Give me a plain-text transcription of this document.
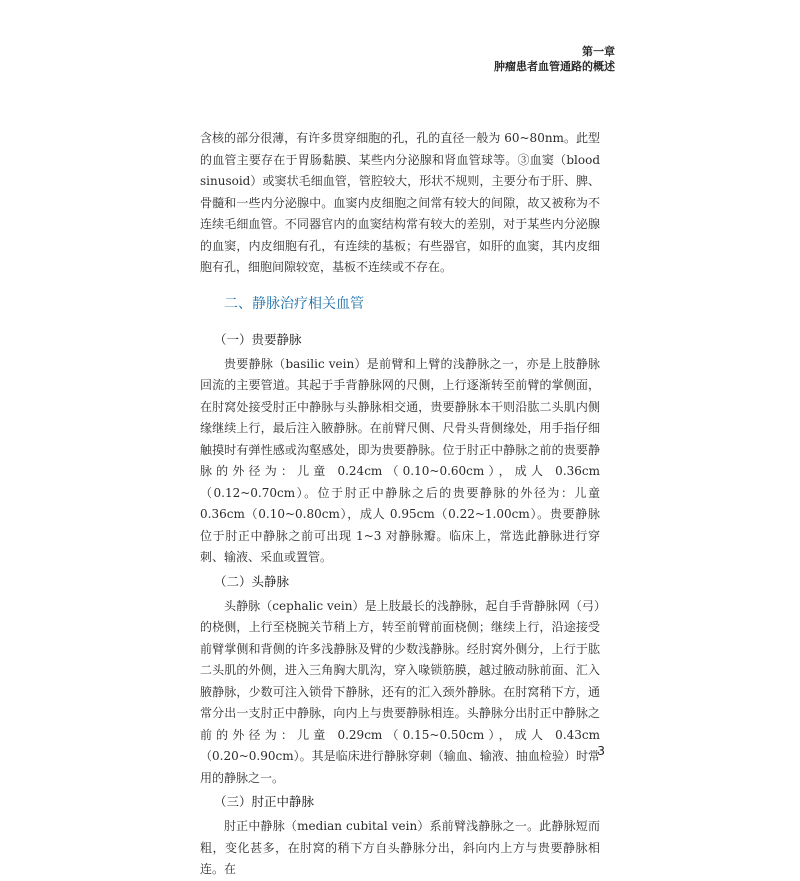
第一章
肿瘤患者血管通路的概述

含核的部分很薄，有许多贯穿细胞的孔，孔的直径一般为 60~80nm。此型的血管主要存在于胃肠黏膜、某些内分泌腺和肾血管球等。③血窦（blood sinusoid）或窦状毛细血管，管腔较大，形状不规则，主要分布于肝、脾、骨髓和一些内分泌腺中。血窦内皮细胞之间常有较大的间隙，故又被称为不连续毛细血管。不同器官内的血窦结构常有较大的差别，对于某些内分泌腺的血窦，内皮细胞有孔，有连续的基板；有些器官，如肝的血窦，其内皮细胞有孔，细胞间隙较宽，基板不连续或不存在。

二、静脉治疗相关血管
（一）贵要静脉

贵要静脉（basilic vein）是前臂和上臂的浅静脉之一，亦是上肢静脉回流的主要管道。其起于手背静脉网的尺侧，上行逐渐转至前臂的掌侧面，在肘窝处接受肘正中静脉与头静脉相交通，贵要静脉本干则沿肱二头肌内侧缘继续上行，最后注入腋静脉。在前臂尺侧、尺骨头背侧缘处，用手指仔细触摸时有弹性感或沟壑感处，即为贵要静脉。位于肘正中静脉之前的贵要静脉的外径为：儿童 0.24cm（0.10~0.60cm），成人 0.36cm（0.12~0.70cm）。位于肘正中静脉之后的贵要静脉的外径为：儿童 0.36cm（0.10~0.80cm），成人 0.95cm（0.22~1.00cm）。贵要静脉位于肘正中静脉之前可出现 1~3 对静脉瓣。临床上，常选此静脉进行穿刺、输液、采血或置管。

（二）头静脉

头静脉（cephalic vein）是上肢最长的浅静脉，起自手背静脉网（弓）的桡侧，上行至桡腕关节稍上方，转至前臂前面桡侧；继续上行，沿途接受前臂掌侧和背侧的许多浅静脉及臂的少数浅静脉。经肘窝外侧分，上行于肱二头肌的外侧，进入三角胸大肌沟，穿入喙锁筋膜，越过腋动脉前面、汇入腋静脉，少数可注入锁骨下静脉，还有的汇入颈外静脉。在肘窝稍下方，通常分出一支肘正中静脉，向内上与贵要静脉相连。头静脉分出肘正中静脉之前的外径为：儿童 0.29cm（0.15~0.50cm），成人 0.43cm（0.20~0.90cm）。其是临床进行静脉穿刺（输血、输液、抽血检验）时常用的静脉之一。

（三）肘正中静脉

肘正中静脉（median cubital vein）系前臂浅静脉之一。此静脉短而粗，变化甚多，在肘窝的稍下方自头静脉分出，斜向内上方与贵要静脉相连。在

3
